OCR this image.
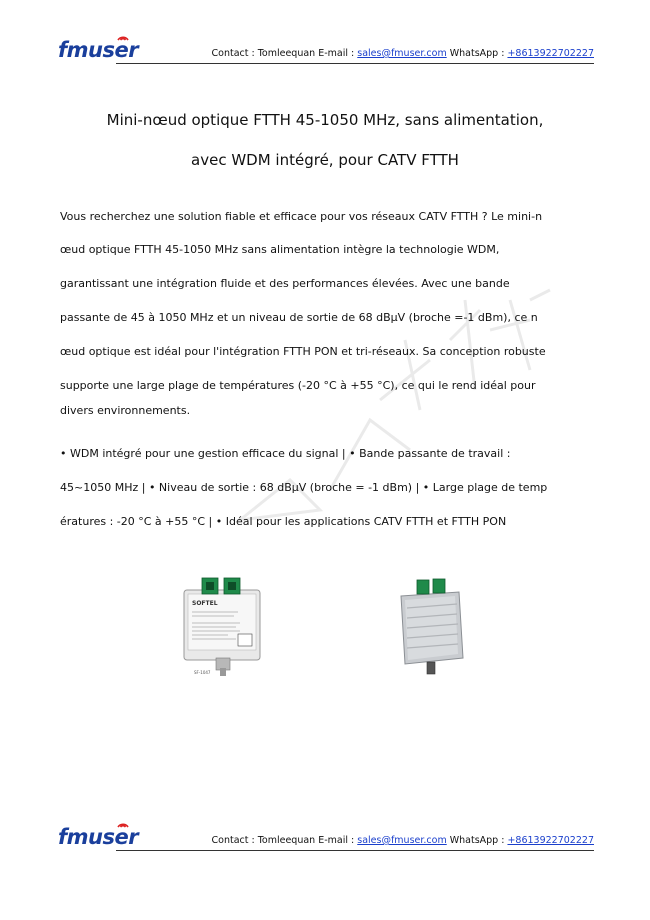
fmuser	Contact : Tomleequan E-mail : sales@fmuser.com WhatsApp : +8613922702227
Mini-nœud optique FTTH 45-1050 MHz, sans alimentation,
avec WDM intégré, pour CATV FTTH
Vous recherchez une solution fiable et efficace pour vos réseaux CATV FTTH ? Le mini-n
œud optique FTTH 45-1050 MHz sans alimentation intègre la technologie WDM,
garantissant une intégration fluide et des performances élevées. Avec une bande
passante de 45 à 1050 MHz et un niveau de sortie de 68 dBμV (broche =-1 dBm), ce n
œud optique est idéal pour l'intégration FTTH PON et tri-réseaux. Sa conception robuste
supporte une large plage de températures (-20 °C à +55 °C), ce qui le rend idéal pour
divers environnements.
• WDM intégré pour une gestion efficace du signal | • Bande passante de travail :
45~1050 MHz | • Niveau de sortie : 68 dBμV (broche = -1 dBm) | • Large plage de temp
ératures : -20 °C à +55 °C | • Idéal pour les applications CATV FTTH et FTTH PON
SOFTEL
SF-1047
fmuser	Contact : Tomleequan E-mail : sales@fmuser.com WhatsApp : +8613922702227
